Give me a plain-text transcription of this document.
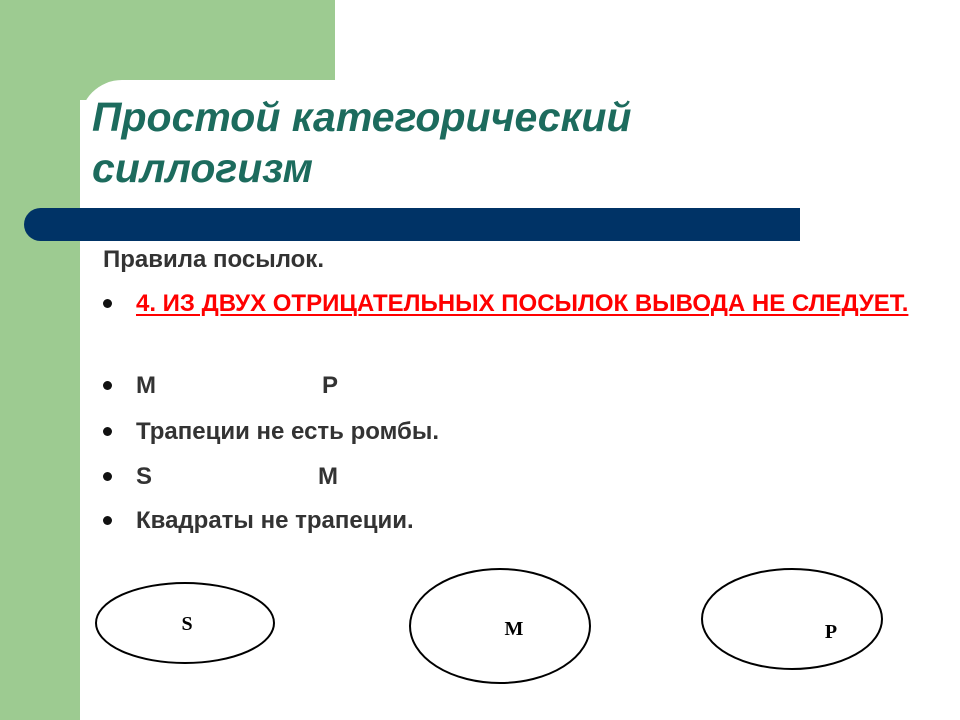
Простой категорический
силлогизм
Правила посылок.
4. ИЗ ДВУХ ОТРИЦАТЕЛЬНЫХ ПОСЫЛОК ВЫВОДА НЕ СЛЕДУЕТ.
M	P
Трапеции не есть ромбы.
S	M
Квадраты не трапеции.
S	M	P
